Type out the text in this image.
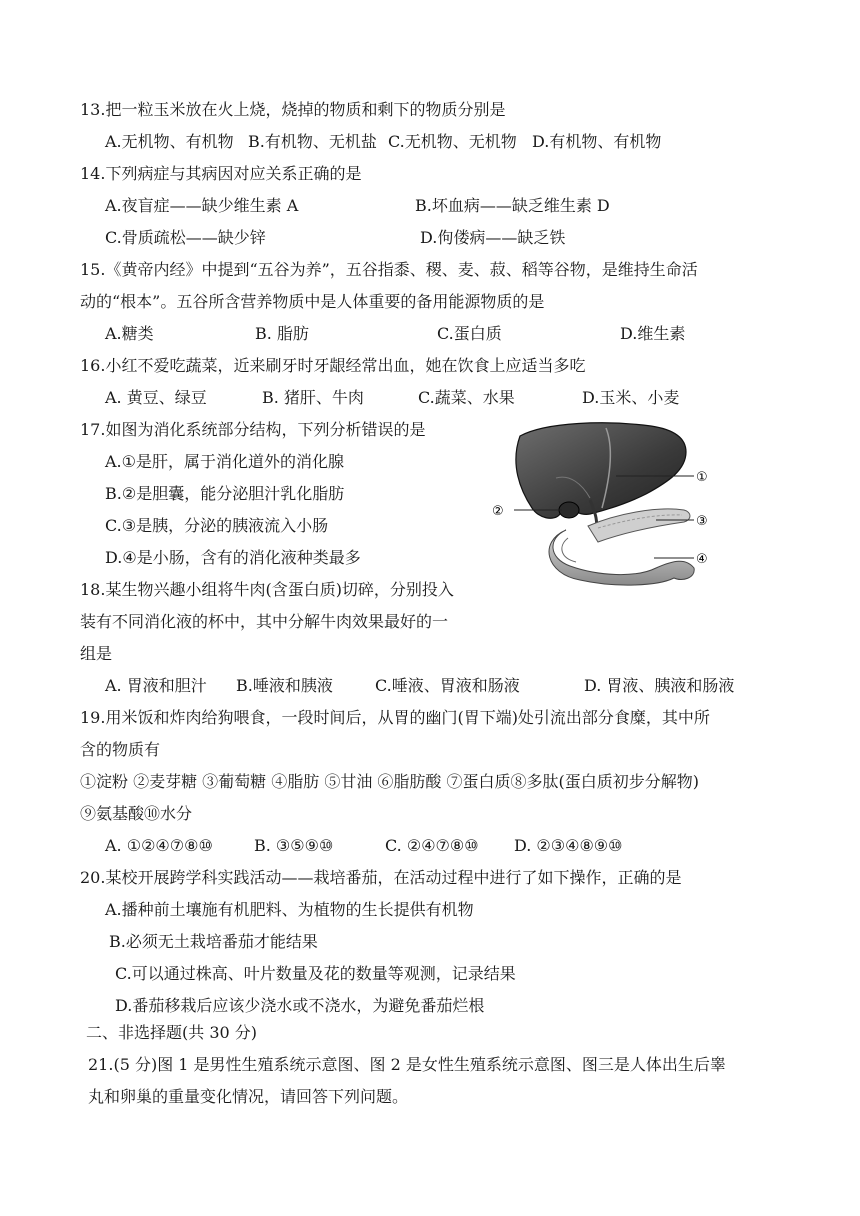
13.把一粒玉米放在火上烧，烧掉的物质和剩下的物质分别是
A.无机物、有机物 B.有机物、无机盐 C.无机物、无机物 D.有机物、有机物
14.下列病症与其病因对应关系正确的是
A.夜盲症——缺少维生素 A	B.坏血病——缺乏维生素 D
C.骨质疏松——缺少锌	D.佝偻病——缺乏铁
15.《黄帝内经》中提到“五谷为养”，五谷指黍、稷、麦、菽、稻等谷物，是维持生命活
动的“根本”。五谷所含营养物质中是人体重要的备用能源物质的是
A.糖类	B. 脂肪	C.蛋白质	D.维生素
16.小红不爱吃蔬菜，近来刷牙时牙龈经常出血，她在饮食上应适当多吃
A. 黄豆、绿豆	B. 猪肝、牛肉	C.蔬菜、水果	D.玉米、小麦
17.如图为消化系统部分结构，下列分析错误的是
A.①是肝，属于消化道外的消化腺
B.②是胆囊，能分泌胆汁乳化脂肪
C.③是胰，分泌的胰液流入小肠
D.④是小肠，含有的消化液种类最多
①
②
③
④
18.某生物兴趣小组将牛肉(含蛋白质)切碎，分别投入
装有不同消化液的杯中，其中分解牛肉效果最好的一
组是
A. 胃液和胆汁 B.唾液和胰液	C.唾液、胃液和肠液	D. 胃液、胰液和肠液
19.用米饭和炸肉给狗喂食，一段时间后，从胃的幽门(胃下端)处引流出部分食糜，其中所
含的物质有
①淀粉 ②麦芽糖 ③葡萄糖 ④脂肪 ⑤甘油 ⑥脂肪酸 ⑦蛋白质⑧多肽(蛋白质初步分解物)
⑨氨基酸⑩水分
A. ①②④⑦⑧⑩	B. ③⑤⑨⑩	C. ②④⑦⑧⑩ D. ②③④⑧⑨⑩
20.某校开展跨学科实践活动——栽培番茄，在活动过程中进行了如下操作，正确的是
A.播种前土壤施有机肥料、为植物的生长提供有机物
B.必须无土栽培番茄才能结果
C.可以通过株高、叶片数量及花的数量等观测，记录结果
D.番茄移栽后应该少浇水或不浇水，为避免番茄烂根
二、非选择题(共 30 分)
21.(5 分)图 1 是男性生殖系统示意图、图 2 是女性生殖系统示意图、图三是人体出生后睾
丸和卵巢的重量变化情况，请回答下列问题。
